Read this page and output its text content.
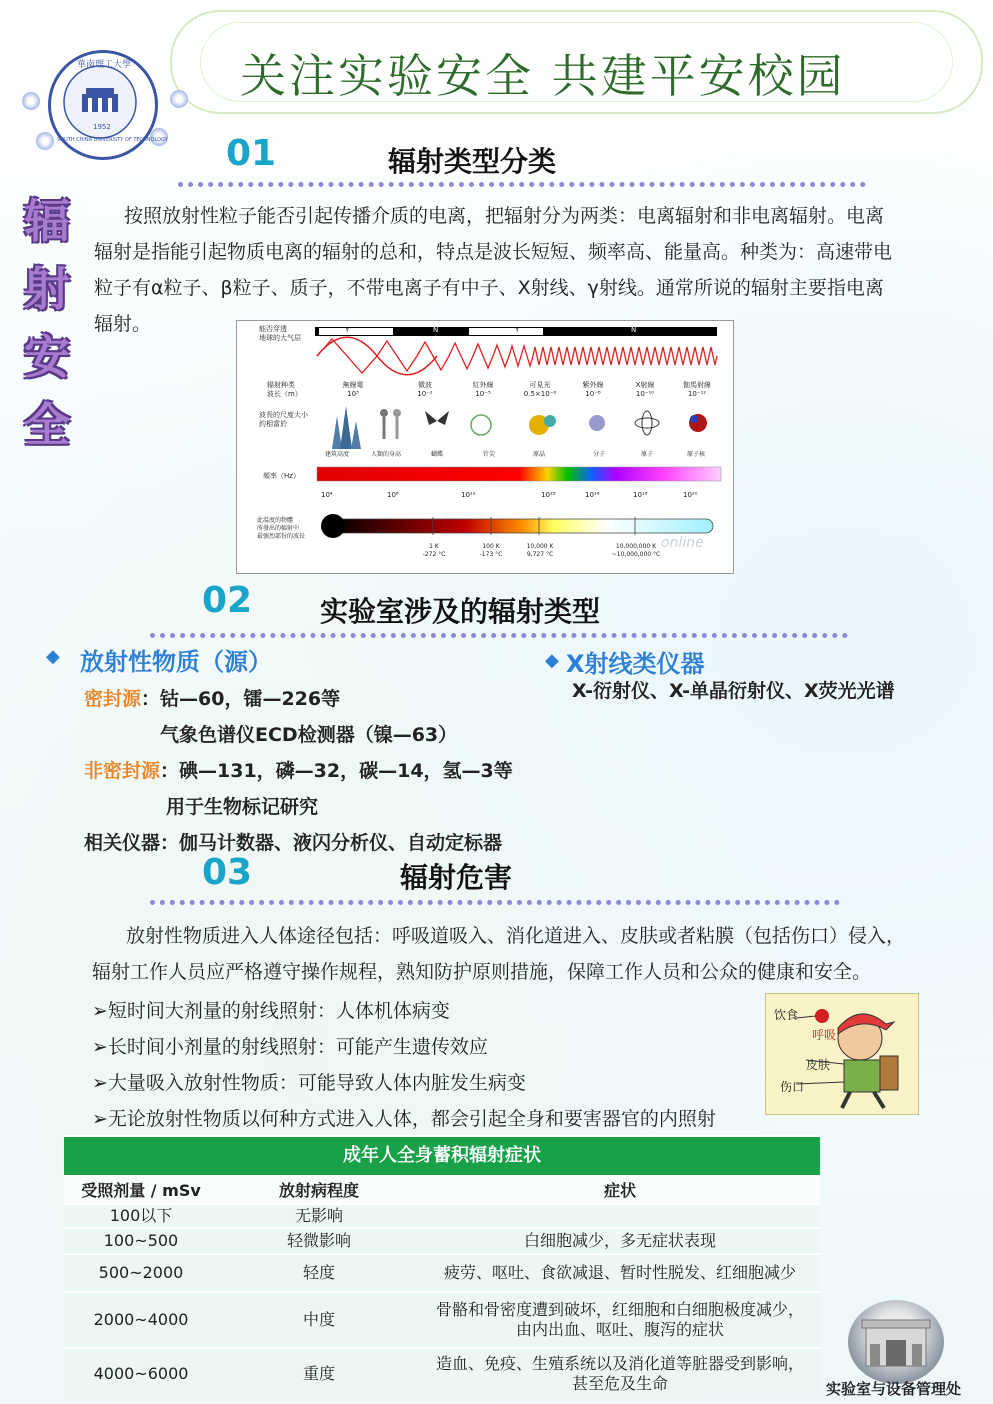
華南理工大學
SOUTH CHINA UNIVERSITY OF TECHNOLOGY
1952
关注实验安全 共建平安校园
辐
射
安
全
01	辐射类型分类
按照放射性粒子能否引起传播介质的电离，把辐射分为两类：电离辐射和非电离辐射。电离
辐射是指能引起物质电离的辐射的总和，特点是波长短短、频率高、能量高。种类为：高速带电
粒子有α粒子、β粒子、质子，不带电离子有中子、X射线、γ射线。通常所说的辐射主要指电离
辐射。	能否穿透
地球的大气层
Y	N	Y	N
辐射种类
波长（m）
波長的尺度大小
約相當於
無線電
10³
微波
10⁻²
紅外線
10⁻⁵
可見光
0.5×10⁻⁶
紫外線
10⁻⁸
X射線
10⁻¹⁰
伽馬射線
10⁻¹²
建筑高度	人類的身高	蝴蝶	针尖	原晶	分子	原子	原子核
頻率（Hz）
10⁴	10⁸	10¹²	10¹⁵	10¹⁶	10¹⁸	10²⁰
此温度的物體
所發出的輻射中
最強烈部份的波長
1 K
-272 °C
100 K
-173 °C
10,000 K
9,727 °C
10,000,000 K
~10,000,000 °C
online
02 实验室涉及的辐射类型
◆ 放射性物质（源）
密封源：钴—60，镭—226等
气象色谱仪ECD检测器（镍—63）
非密封源：碘—131，磷—32，碳—14，氢—3等
用于生物标记研究
相关仪器：伽马计数器、液闪分析仪、自动定标器
◆ X射线类仪器
X-衍射仪、X-单晶衍射仪、X荧光光谱
03	辐射危害
放射性物质进入人体途径包括：呼吸道吸入、消化道进入、皮肤或者粘膜（包括伤口）侵入，
辐射工作人员应严格遵守操作规程，熟知防护原则措施，保障工作人员和公众的健康和安全。
➢短时间大剂量的射线照射：人体机体病变
➢长时间小剂量的射线照射：可能产生遗传效应
➢大量吸入放射性物质：可能导致人体内脏发生病变
➢无论放射性物质以何种方式进入人体，都会引起全身和要害器官的内照射
饮食
呼吸
皮肤
伤口
成年人全身蓄积辐射症状		
受照剂量 / mSv	放射病程度	症状
100以下	无影响	
100~500	轻微影响	白细胞减少，多无症状表现
500~2000	轻度	疲劳、呕吐、食欲减退、暂时性脱发、红细胞减少
2000~4000	中度	骨骼和骨密度遭到破坏，红细胞和白细胞极度减少，
由内出血、呕吐、腹泻的症状

4000~6000	重度	造血、免疫、生殖系统以及消化道等脏器受到影响，
甚至危及生命	实验室与设备管理处
